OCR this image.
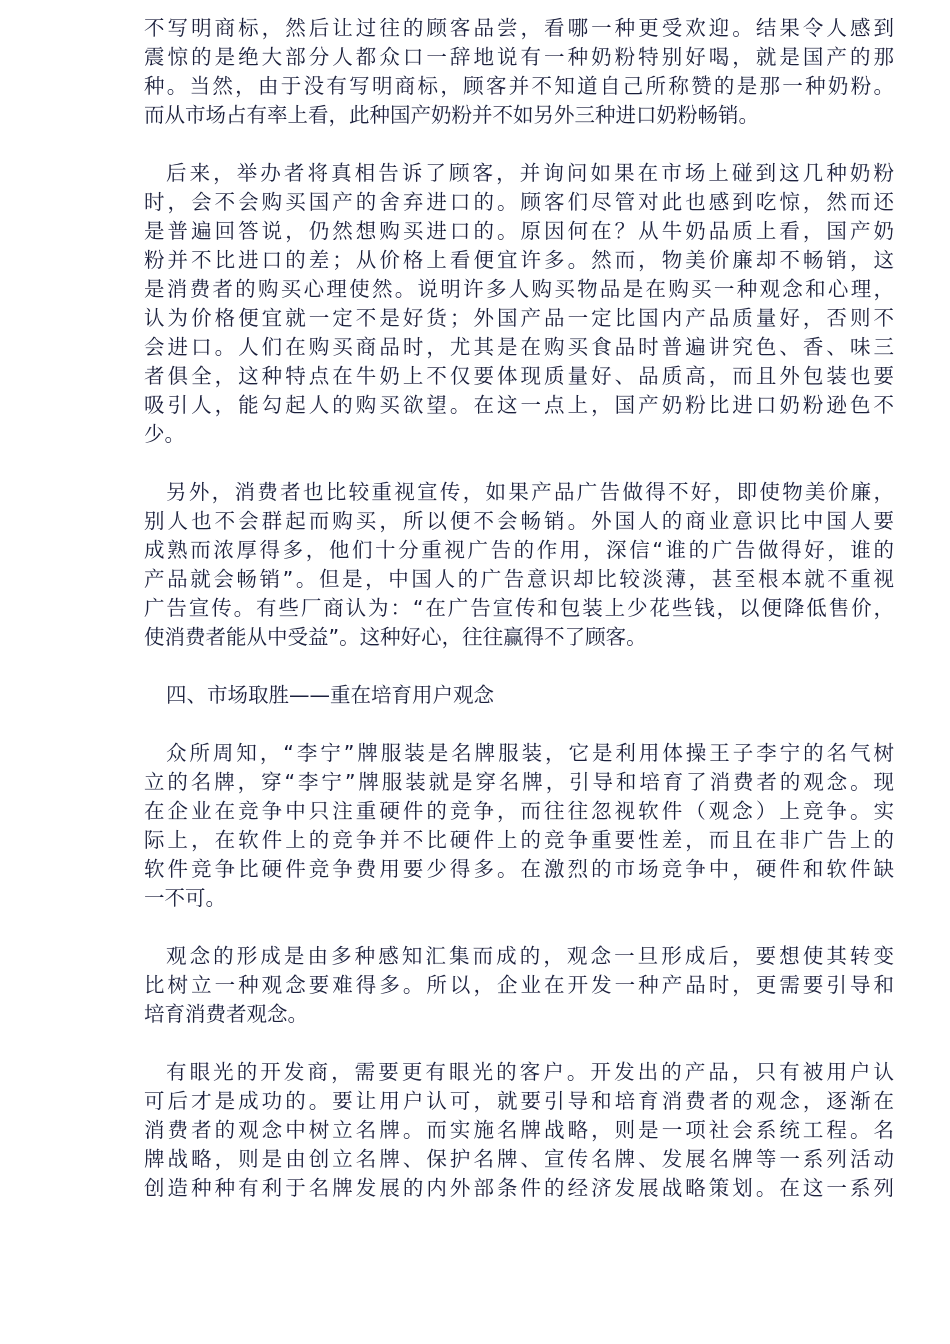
不写明商标，然后让过往的顾客品尝，看哪一种更受欢迎。结果令人感到
震惊的是绝大部分人都众口一辞地说有一种奶粉特别好喝，就是国产的那
种。当然，由于没有写明商标，顾客并不知道自己所称赞的是那一种奶粉。
而从市场占有率上看，此种国产奶粉并不如另外三种进口奶粉畅销。
后来，举办者将真相告诉了顾客，并询问如果在市场上碰到这几种奶粉
时，会不会购买国产的舍弃进口的。顾客们尽管对此也感到吃惊，然而还
是普遍回答说，仍然想购买进口的。原因何在？从牛奶品质上看，国产奶
粉并不比进口的差；从价格上看便宜许多。然而，物美价廉却不畅销，这
是消费者的购买心理使然。说明许多人购买物品是在购买一种观念和心理，
认为价格便宜就一定不是好货；外国产品一定比国内产品质量好，否则不
会进口。人们在购买商品时，尤其是在购买食品时普遍讲究色、香、味三
者俱全，这种特点在牛奶上不仅要体现质量好、品质高，而且外包装也要
吸引人，能勾起人的购买欲望。在这一点上，国产奶粉比进口奶粉逊色不
少。
另外，消费者也比较重视宣传，如果产品广告做得不好，即使物美价廉，
别人也不会群起而购买，所以便不会畅销。外国人的商业意识比中国人要
成熟而浓厚得多，他们十分重视广告的作用，深信“谁的广告做得好，谁的
产品就会畅销”。但是，中国人的广告意识却比较淡薄，甚至根本就不重视
广告宣传。有些厂商认为：“在广告宣传和包装上少花些钱，以便降低售价，
使消费者能从中受益”。这种好心，往往赢得不了顾客。
四、市场取胜——重在培育用户观念
众所周知，“李宁”牌服装是名牌服装，它是利用体操王子李宁的名气树
立的名牌，穿“李宁”牌服装就是穿名牌，引导和培育了消费者的观念。现
在企业在竞争中只注重硬件的竞争，而往往忽视软件（观念）上竞争。实
际上，在软件上的竞争并不比硬件上的竞争重要性差，而且在非广告上的
软件竞争比硬件竞争费用要少得多。在激烈的市场竞争中，硬件和软件缺
一不可。
观念的形成是由多种感知汇集而成的，观念一旦形成后，要想使其转变
比树立一种观念要难得多。所以，企业在开发一种产品时，更需要引导和
培育消费者观念。
有眼光的开发商，需要更有眼光的客户。开发出的产品，只有被用户认
可后才是成功的。要让用户认可，就要引导和培育消费者的观念，逐渐在
消费者的观念中树立名牌。而实施名牌战略，则是一项社会系统工程。名
牌战略，则是由创立名牌、保护名牌、宣传名牌、发展名牌等一系列活动
创造种种有利于名牌发展的内外部条件的经济发展战略策划。在这一系列
